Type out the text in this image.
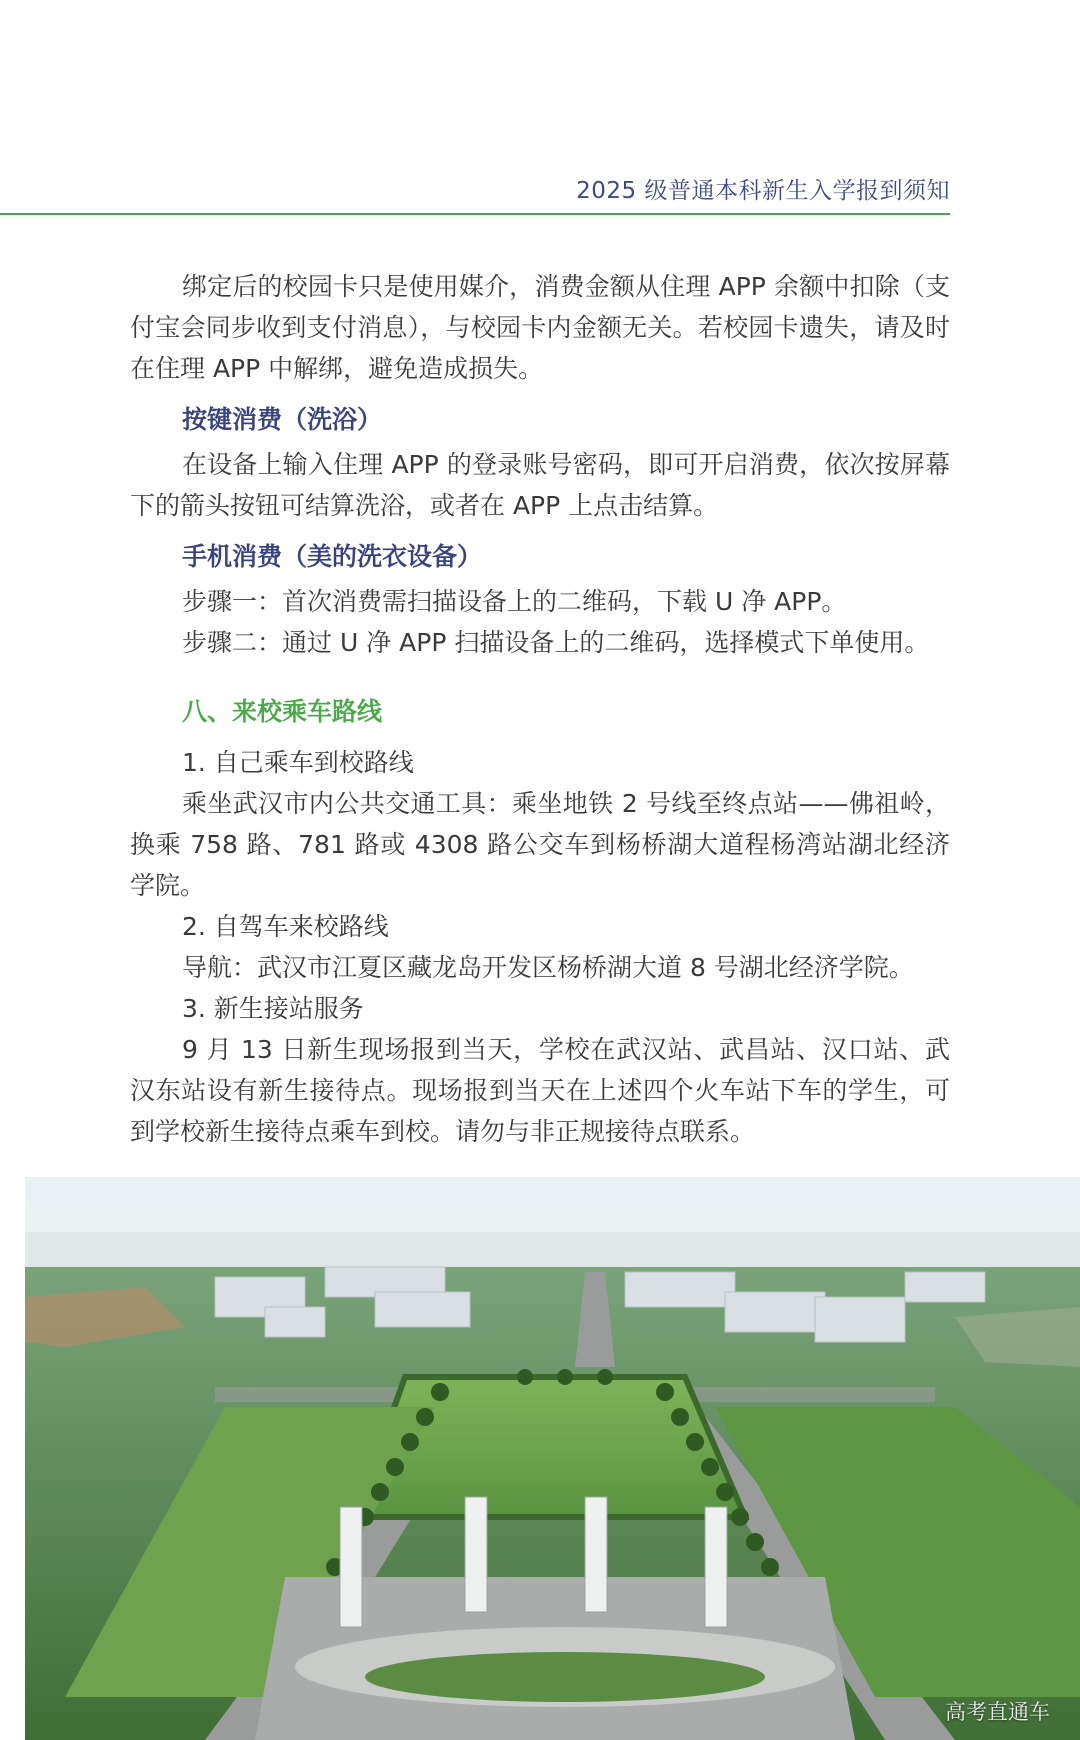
2025 级普通本科新生入学报到须知

绑定后的校园卡只是使用媒介，消费金额从住理 APP 余额中扣除（支付宝会同步收到支付消息），与校园卡内金额无关。若校园卡遗失，请及时在住理 APP 中解绑，避免造成损失。

按键消费（洗浴）

在设备上输入住理 APP 的登录账号密码，即可开启消费，依次按屏幕下的箭头按钮可结算洗浴，或者在 APP 上点击结算。

手机消费（美的洗衣设备）

步骤一：首次消费需扫描设备上的二维码，下载 U 净 APP。

步骤二：通过 U 净 APP 扫描设备上的二维码，选择模式下单使用。

八、来校乘车路线

1. 自己乘车到校路线

乘坐武汉市内公共交通工具：乘坐地铁 2 号线至终点站——佛祖岭，换乘 758 路、781 路或 4308 路公交车到杨桥湖大道程杨湾站湖北经济学院。

2. 自驾车来校路线

导航：武汉市江夏区藏龙岛开发区杨桥湖大道 8 号湖北经济学院。

3. 新生接站服务

9 月 13 日新生现场报到当天，学校在武汉站、武昌站、汉口站、武汉东站设有新生接待点。现场报到当天在上述四个火车站下车的学生，可到学校新生接待点乘车到校。请勿与非正规接待点联系。

高考直通车
